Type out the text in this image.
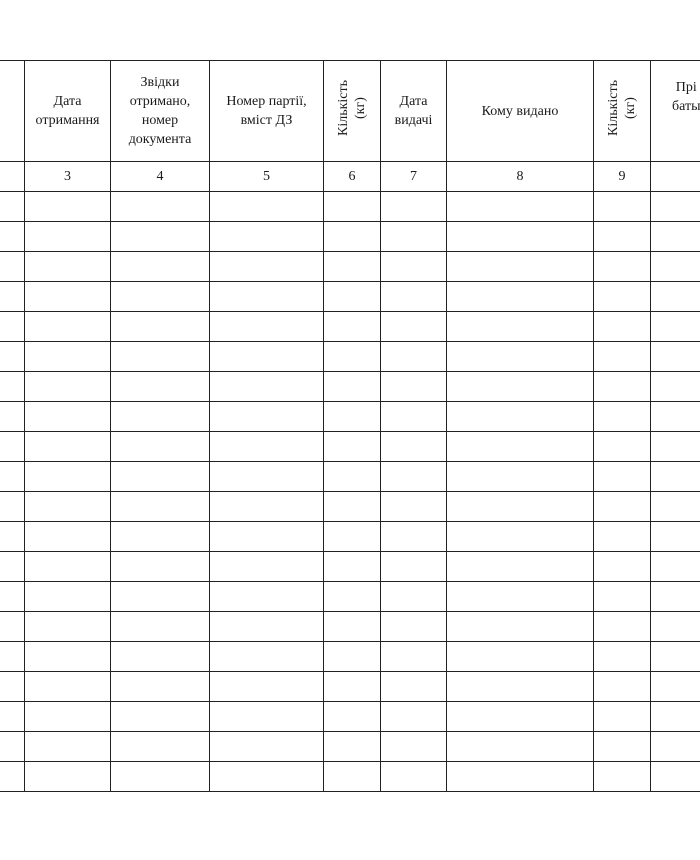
	Дата
отримання	Звідки
отримано,
номер
документа	Номер партії,
вміст ДЗ	Кількість (кг)	Дата
видачі	Кому видано	Кількість (кг)	Прі
баты
	3	4	5	6	7	8	9	
